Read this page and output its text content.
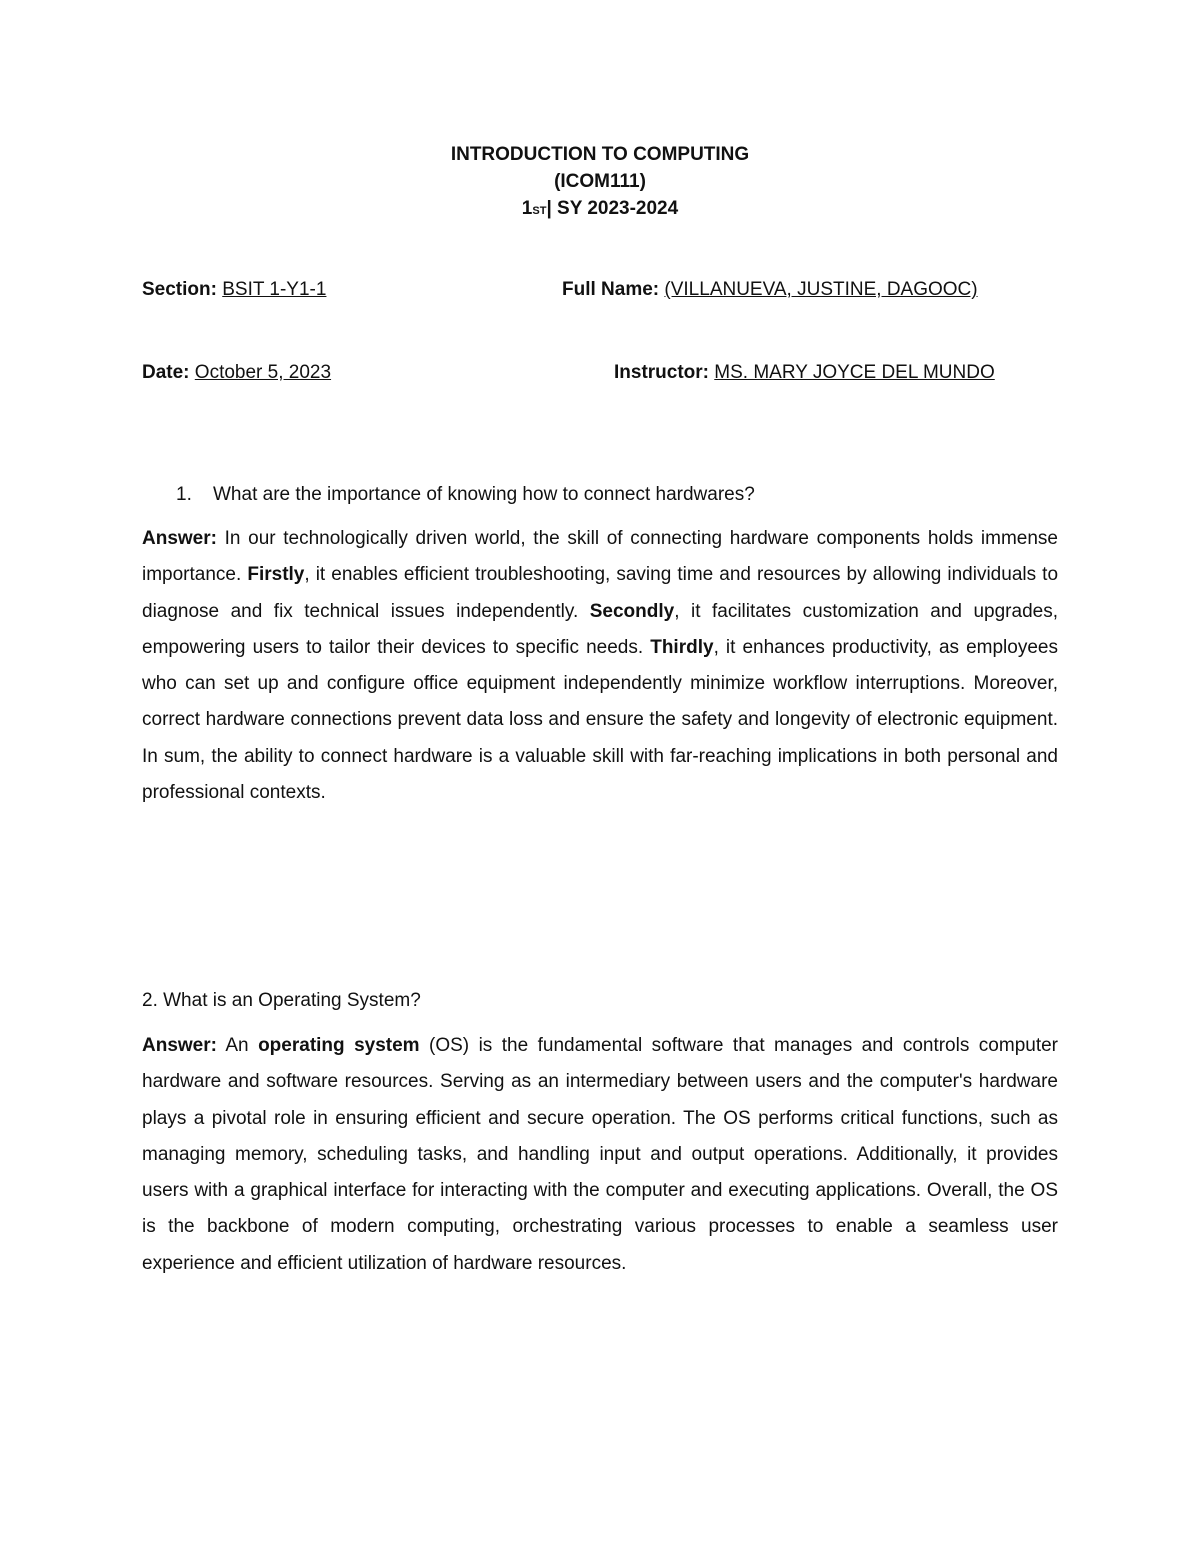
INTRODUCTION TO COMPUTING
(ICOM111)
1ST| SY 2023-2024
Section: BSIT 1-Y1-1	Full Name: (VILLANUEVA, JUSTINE, DAGOOC)
Date: October 5, 2023	Instructor: MS. MARY JOYCE DEL MUNDO
1. What are the importance of knowing how to connect hardwares?
Answer: In our technologically driven world, the skill of connecting hardware components holds immense importance. Firstly, it enables efficient troubleshooting, saving time and resources by allowing individuals to diagnose and fix technical issues independently. Secondly, it facilitates customization and upgrades, empowering users to tailor their devices to specific needs. Thirdly, it enhances productivity, as employees who can set up and configure office equipment independently minimize workflow interruptions. Moreover, correct hardware connections prevent data loss and ensure the safety and longevity of electronic equipment. In sum, the ability to connect hardware is a valuable skill with far-reaching implications in both personal and professional contexts.
2. What is an Operating System?
Answer: An operating system (OS) is the fundamental software that manages and controls computer hardware and software resources. Serving as an intermediary between users and the computer's hardware plays a pivotal role in ensuring efficient and secure operation. The OS performs critical functions, such as managing memory, scheduling tasks, and handling input and output operations. Additionally, it provides users with a graphical interface for interacting with the computer and executing applications. Overall, the OS is the backbone of modern computing, orchestrating various processes to enable a seamless user experience and efficient utilization of hardware resources.
